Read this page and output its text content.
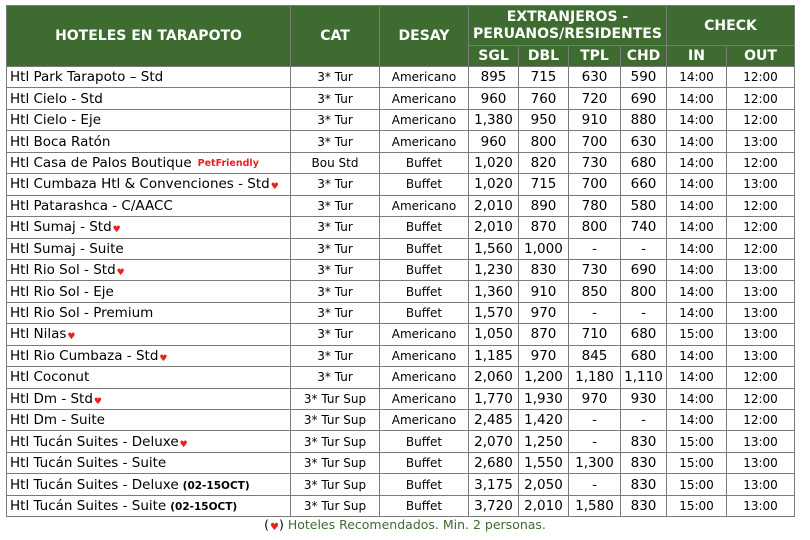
HOTELES EN TARAPOTO	CAT	DESAY	EXTRANJEROS -
PERUANOS/RESIDENTES				CHECK	
			SGL	DBL	TPL	CHD	IN	OUT
Htl Park Tarapoto – Std	3* Tur	Americano	895	715	630	590	14:00	12:00
Htl Cielo - Std	3* Tur	Americano	960	760	720	690	14:00	12:00
Htl Cielo - Eje	3* Tur	Americano	1,380	950	910	880	14:00	12:00
Htl Boca Ratón	3* Tur	Americano	960	800	700	630	14:00	13:00
Htl Casa de Palos Boutique PetFriendly	Bou Std	Buffet	1,020	820	730	680	14:00	12:00
Htl Cumbaza Htl & Convenciones - Std♥	3* Tur	Buffet	1,020	715	700	660	14:00	13:00
Htl Patarashca - C/AACC	3* Tur	Americano	2,010	890	780	580	14:00	12:00
Htl Sumaj - Std♥	3* Tur	Buffet	2,010	870	800	740	14:00	12:00
Htl Sumaj - Suite	3* Tur	Buffet	1,560	1,000	-	-	14:00	12:00
Htl Rio Sol - Std♥	3* Tur	Buffet	1,230	830	730	690	14:00	13:00
Htl Rio Sol - Eje	3* Tur	Buffet	1,360	910	850	800	14:00	13:00
Htl Rio Sol - Premium	3* Tur	Buffet	1,570	970	-	-	14:00	13:00
Htl Nilas♥	3* Tur	Americano	1,050	870	710	680	15:00	13:00
Htl Rio Cumbaza - Std♥	3* Tur	Americano	1,185	970	845	680	14:00	13:00
Htl Coconut	3* Tur	Americano	2,060	1,200	1,180	1,110	14:00	12:00
Htl Dm - Std♥	3* Tur Sup	Americano	1,770	1,930	970	930	14:00	12:00
Htl Dm - Suite	3* Tur Sup	Americano	2,485	1,420	-	-	14:00	12:00
Htl Tucán Suites - Deluxe♥	3* Tur Sup	Buffet	2,070	1,250	-	830	15:00	13:00
Htl Tucán Suites - Suite	3* Tur Sup	Buffet	2,680	1,550	1,300	830	15:00	13:00
Htl Tucán Suites - Deluxe (02-15OCT)	3* Tur Sup	Buffet	3,175	2,050	-	830	15:00	13:00
Htl Tucán Suites - Suite (02-15OCT)	3* Tur Sup	Buffet	3,720	2,010	1,580	830	15:00	13:00
(♥) Hoteles Recomendados. Min. 2 personas.
